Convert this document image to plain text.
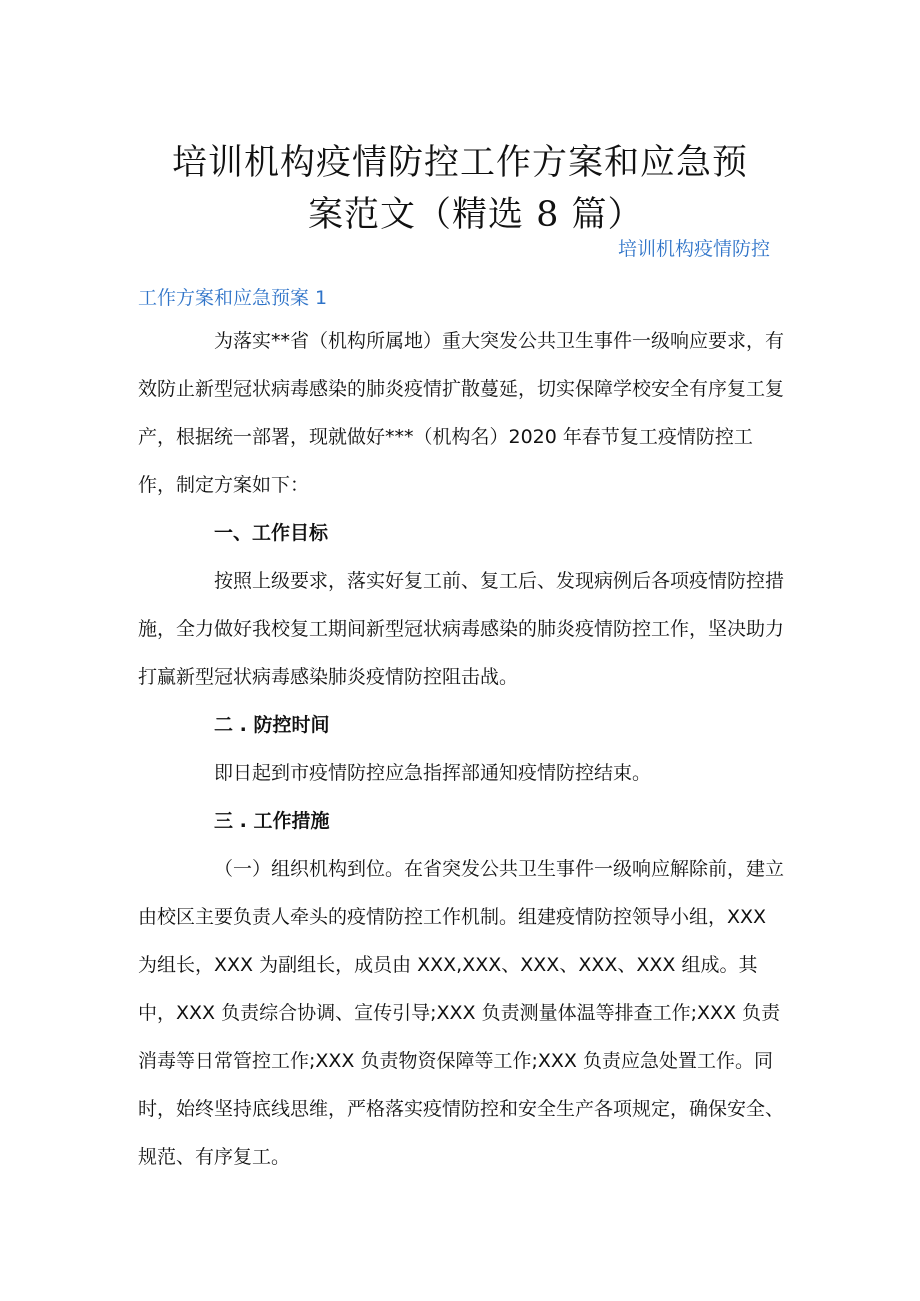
培训机构疫情防控工作方案和应急预
案范文（精选 8 篇）
培训机构疫情防控
工作方案和应急预案 1

为落实**省（机构所属地）重大突发公共卫生事件一级响应要求，有效防止新型冠状病毒感染的肺炎疫情扩散蔓延，切实保障学校安全有序复工复产，根据统一部署，现就做好***（机构名）2020 年春节复工疫情防控工作，制定方案如下：

一、工作目标

按照上级要求，落实好复工前、复工后、发现病例后各项疫情防控措施，全力做好我校复工期间新型冠状病毒感染的肺炎疫情防控工作，坚决助力打赢新型冠状病毒感染肺炎疫情防控阻击战。

二 . 防控时间

即日起到市疫情防控应急指挥部通知疫情防控结束。

三 . 工作措施

（一）组织机构到位。在省突发公共卫生事件一级响应解除前，建立由校区主要负责人牵头的疫情防控工作机制。组建疫情防控领导小组，XXX 为组长，XXX 为副组长，成员由 XXX,XXX、XXX、XXX、XXX 组成。其中，XXX 负责综合协调、宣传引导;XXX 负责测量体温等排查工作;XXX 负责消毒等日常管控工作;XXX 负责物资保障等工作;XXX 负责应急处置工作。同时，始终坚持底线思维，严格落实疫情防控和安全生产各项规定，确保安全、规范、有序复工。
